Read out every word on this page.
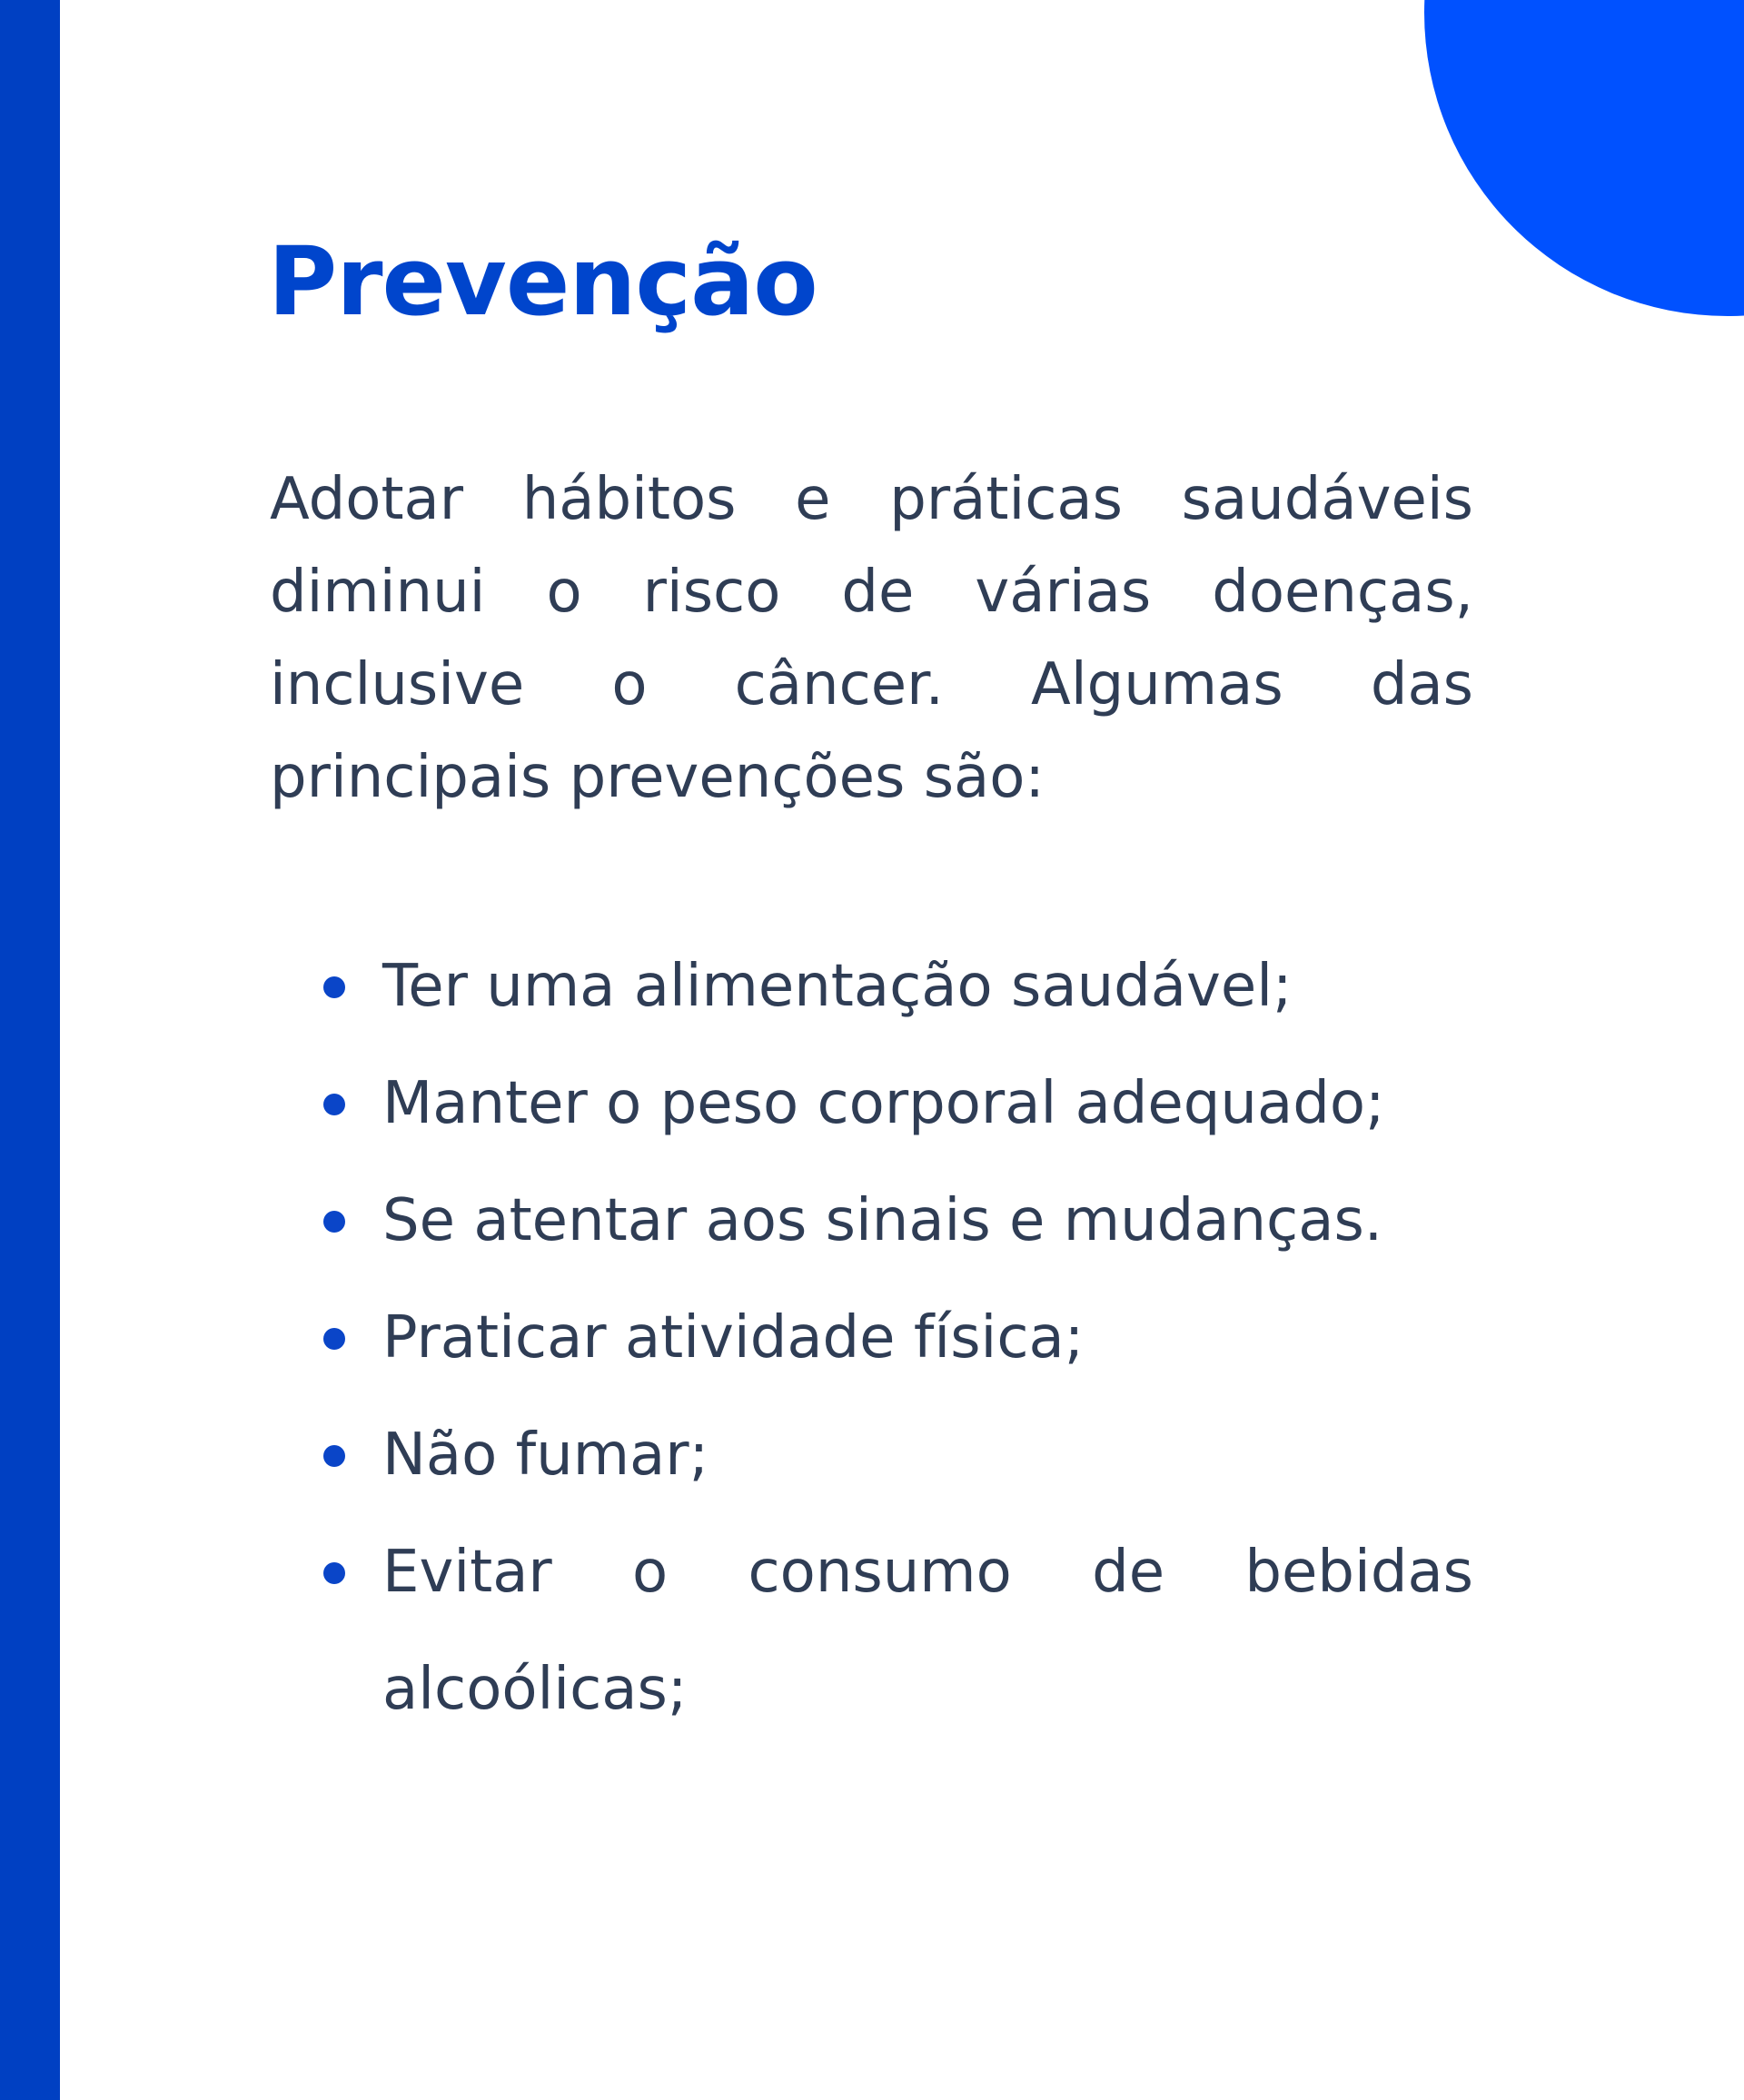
Prevenção

Adotar hábitos e práticas saudáveis diminui o risco de várias doenças, inclusive o câncer. Algumas das principais prevenções são:

Ter uma alimentação saudável;
Manter o peso corporal adequado;
Se atentar aos sinais e mudanças.
Praticar atividade física;
Não fumar;
Evitar o consumo de bebidas alcoólicas;
